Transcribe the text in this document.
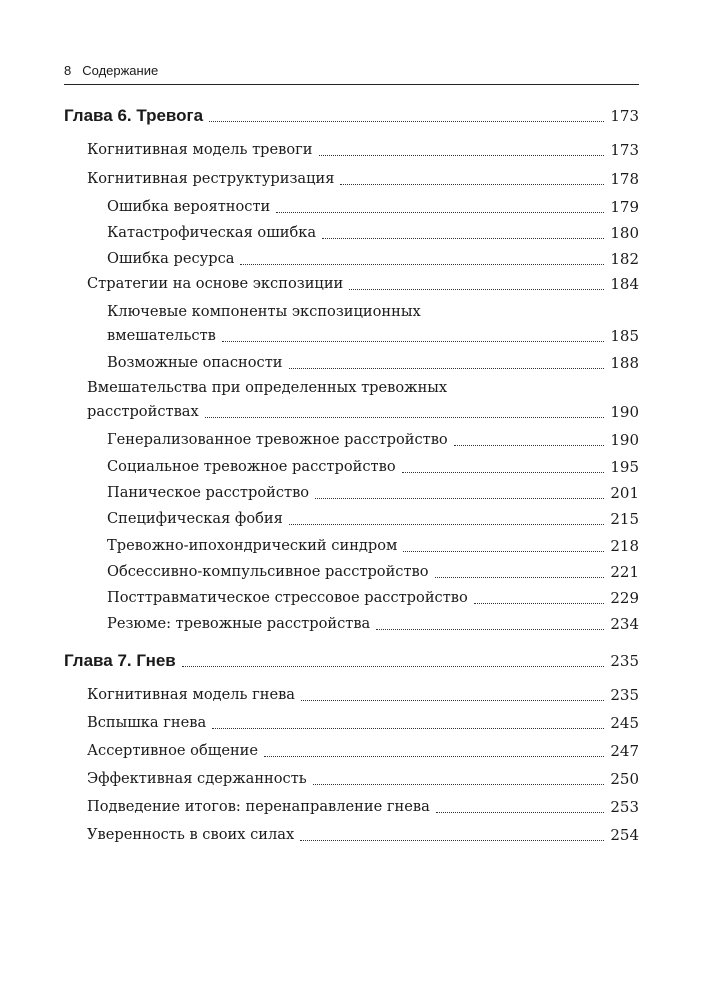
8 Содержание
Глава 6. Тревога	173
Когнитивная модель тревоги	173
Когнитивная реструктуризация	178
Ошибка вероятности	179
Катастрофическая ошибка	180
Ошибка ресурса	182
Стратегии на основе экспозиции	184
Ключевые компоненты экспозиционных
вмешательств	185
Возможные опасности	188
Вмешательства при определенных тревожных
расстройствах	190
Генерализованное тревожное расстройство	190
Социальное тревожное расстройство	195
Паническое расстройство	201
Специфическая фобия	215
Тревожно-ипохондрический синдром	218
Обсессивно-компульсивное расстройство	221
Посттравматическое стрессовое расстройство	229
Резюме: тревожные расстройства	234
Глава 7. Гнев	235
Когнитивная модель гнева	235
Вспышка гнева	245
Ассертивное общение	247
Эффективная сдержанность	250
Подведение итогов: перенаправление гнева	253
Уверенность в своих силах	254
